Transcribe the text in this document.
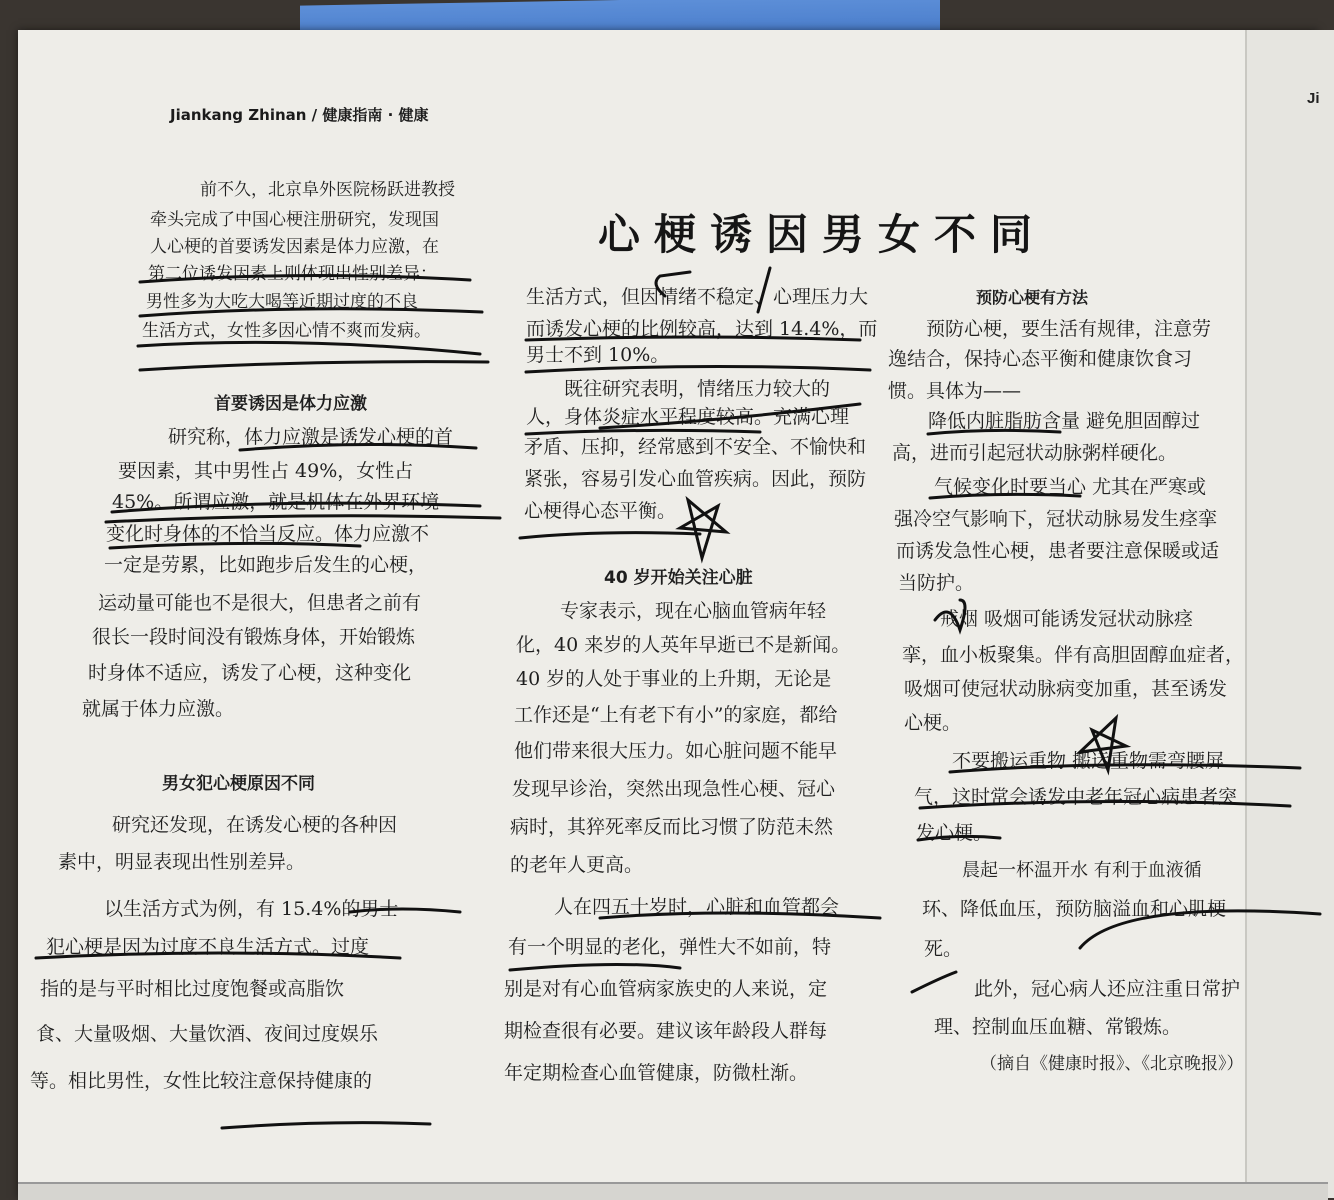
Ji
Jiankang Zhinan / 健康指南 · 健康
心梗诱因男女不同
前不久，北京阜外医院杨跃进教授
牵头完成了中国心梗注册研究，发现国
人心梗的首要诱发因素是体力应激，在
第二位诱发因素上则体现出性别差异：
男性多为大吃大喝等近期过度的不良
生活方式，女性多因心情不爽而发病。
首要诱因是体力应激
研究称，体力应激是诱发心梗的首
要因素，其中男性占 49%，女性占
45%。所谓应激，就是机体在外界环境
变化时身体的不恰当反应。体力应激不
一定是劳累，比如跑步后发生的心梗，
运动量可能也不是很大，但患者之前有
很长一段时间没有锻炼身体，开始锻炼
时身体不适应，诱发了心梗，这种变化
就属于体力应激。
男女犯心梗原因不同
研究还发现，在诱发心梗的各种因
素中，明显表现出性别差异。
以生活方式为例，有 15.4%的男士
犯心梗是因为过度不良生活方式。过度
指的是与平时相比过度饱餐或高脂饮
食、大量吸烟、大量饮酒、夜间过度娱乐
等。相比男性，女性比较注意保持健康的
生活方式，但因情绪不稳定、心理压力大
而诱发心梗的比例较高，达到 14.4%，而
男士不到 10%。
既往研究表明，情绪压力较大的
人，身体炎症水平程度较高。充满心理
矛盾、压抑，经常感到不安全、不愉快和
紧张，容易引发心血管疾病。因此，预防
心梗得心态平衡。
40 岁开始关注心脏
专家表示，现在心脑血管病年轻
化，40 来岁的人英年早逝已不是新闻。
40 岁的人处于事业的上升期，无论是
工作还是“上有老下有小”的家庭，都给
他们带来很大压力。如心脏问题不能早
发现早诊治，突然出现急性心梗、冠心
病时，其猝死率反而比习惯了防范未然
的老年人更高。
人在四五十岁时，心脏和血管都会
有一个明显的老化，弹性大不如前，特
别是对有心血管病家族史的人来说，定
期检查很有必要。建议该年龄段人群每
年定期检查心血管健康，防微杜渐。
预防心梗有方法
预防心梗，要生活有规律，注意劳
逸结合，保持心态平衡和健康饮食习
惯。具体为——
降低内脏脂肪含量 避免胆固醇过
高，进而引起冠状动脉粥样硬化。
气候变化时要当心 尤其在严寒或
强冷空气影响下，冠状动脉易发生痉挛
而诱发急性心梗，患者要注意保暖或适
当防护。
戒烟 吸烟可能诱发冠状动脉痉
挛，血小板聚集。伴有高胆固醇血症者，
吸烟可使冠状动脉病变加重，甚至诱发
心梗。
不要搬运重物 搬运重物需弯腰屏
气，这时常会诱发中老年冠心病患者突
发心梗。
晨起一杯温开水 有利于血液循
环、降低血压，预防脑溢血和心肌梗
死。
此外，冠心病人还应注重日常护
理、控制血压血糖、常锻炼。
（摘自《健康时报》、《北京晚报》）
